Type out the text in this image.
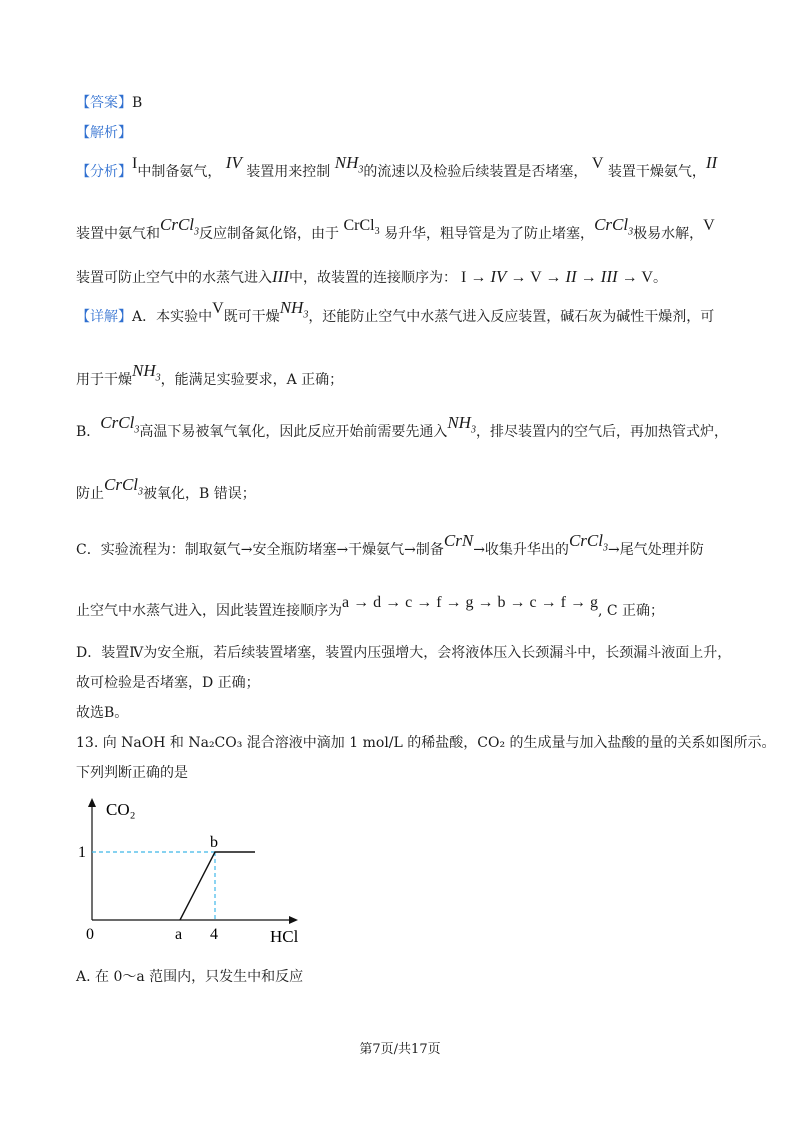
【答案】B
【解析】
【分析】I中制备氨气， IV 装置用来控制 $NH_3$的流速以及检验后续装置是否堵塞， V 装置干燥氨气，II
装置中氨气和CrCl$_3$反应制备氮化铬，由于 CrCl$_3$ 易升华，粗导管是为了防止堵塞，CrCl$_3$极易水解，V
装置可防止空气中的水蒸气进入III中，故装置的连接顺序为： I → IV → V → II → III → V。
【详解】A．本实验中V既可干燥$NH_3$，还能防止空气中水蒸气进入反应装置，碱石灰为碱性干燥剂，可
用于干燥$NH_3$，能满足实验要求，A 正确；
B．CrCl$_3$高温下易被氧气氧化，因此反应开始前需要先通入$NH_3$，排尽装置内的空气后，再加热管式炉，
防止CrCl$_3$被氧化，B 错误；
C．实验流程为：制取氨气→安全瓶防堵塞→干燥氨气→制备CrN→收集升华出的CrCl$_3$→尾气处理并防
止空气中水蒸气进入，因此装置连接顺序为a → d → c → f → g → b → c → f → g, C 正确；
D．装置Ⅳ为安全瓶，若后续装置堵塞，装置内压强增大，会将液体压入长颈漏斗中，长颈漏斗液面上升，
故可检验是否堵塞，D 正确；
故选B。
13. 向 NaOH 和 Na₂CO₃ 混合溶液中滴加 1 mol/L 的稀盐酸，CO₂ 的生成量与加入盐酸的量的关系如图所示。
下列判断正确的是
CO₂
1
b
0	a 4	HCl
A. 在 0～a 范围内，只发生中和反应
第7页/共17页
